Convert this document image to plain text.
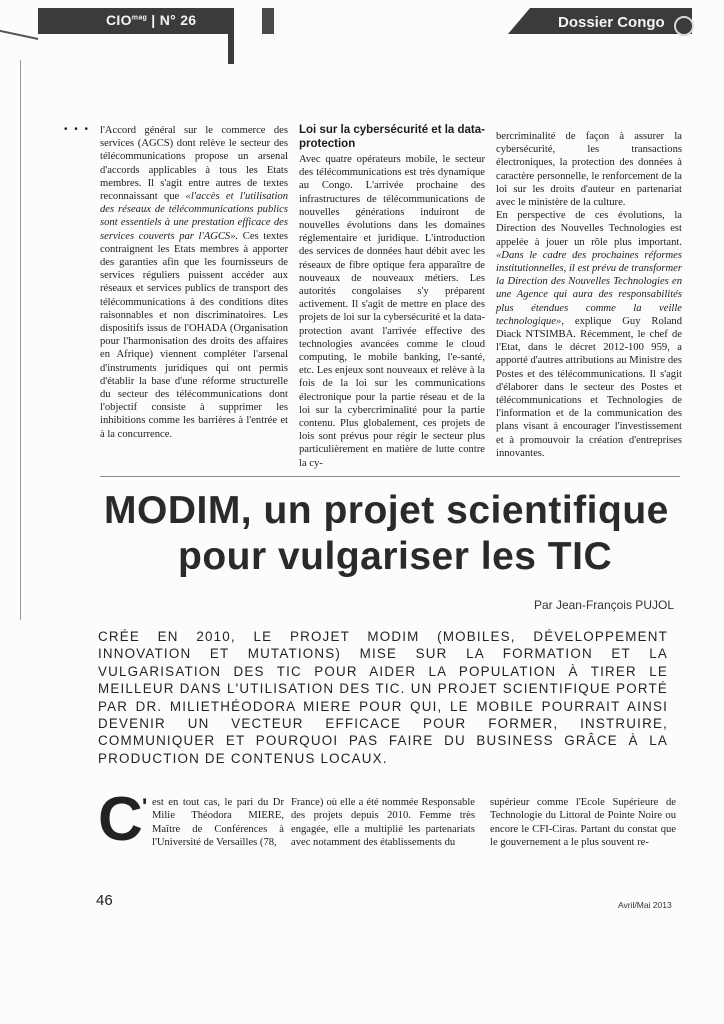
$CIO^{mag}$ | N° 26	Dossier Congo
• • • l'Accord général sur le commerce des services (AGCS) dont relève le secteur des télécommunications propose un arsenal d'accords applicables à tous les Etats membres. Il s'agit entre autres de textes reconnaissant que «l'accès et l'utilisation des réseaux de télécommunications publics sont essentiels à une prestation efficace des services couverts par l'AGCS». Ces textes contraignent les Etats membres à apporter des garanties afin que les fournisseurs de services réguliers puissent accéder aux réseaux et services publics de transport des télécommunications à des conditions dites raisonnables et non discriminatoires. Les dispositifs issus de l'OHADA (Organisation pour l'harmonisation des droits des affaires en Afrique) viennent compléter l'arsenal d'instruments juridiques qui ont permis d'établir la base d'une réforme structurelle du secteur des télécommunications dont l'objectif consiste à supprimer les inhibitions comme les barrières à l'entrée et à la concurrence.

Loi sur la cybersécurité et la data-protection

Avec quatre opérateurs mobile, le secteur des télécommunications est très dynamique au Congo. L'arrivée prochaine des infrastructures de télécommunications de nouvelles générations induiront de nouvelles évolutions dans les domaines réglementaire et juridique. L'introduction des services de données haut débit avec les réseaux de fibre optique fera apparaître de nouveaux de nouveaux métiers. Les autorités congolaises s'y préparent activement. Il s'agit de mettre en place des projets de loi sur la cybersécurité et la data-protection avant l'arrivée effective des technologies avancées comme le cloud computing, le mobile banking, l'e-santé, etc. Les enjeux sont nouveaux et relève à la fois de la loi sur les communications électronique pour la partie réseau et de la loi sur la cybercriminalité pour la partie contenu. Plus globalement, ces projets de lois sont prévus pour régir le secteur plus particulièrement en matière de lutte contre la cy-

bercriminalité de façon à assurer la cybersécurité, les transactions électroniques, la protection des données à caractère personnelle, le renforcement de la loi sur les droits d'auteur en partenariat avec le ministère de la culture.

En perspective de ces évolutions, la Direction des Nouvelles Technologies est appelée à jouer un rôle plus important. «Dans le cadre des prochaines réformes institutionnelles, il est prévu de transformer la Direction des Nouvelles Technologies en une Agence qui aura des responsabilités plus étendues comme la veille technologique», explique Guy Roland Diack NTSIMBA. Récemment, le chef de l'Etat, dans le décret 2012-100 959, a apporté d'autres attributions au Ministre des Postes et des télécommunications. Il s'agit d'élaborer dans le secteur des Postes et télécommunications et Technologies de l'information et de la communication des plans visant à encourager l'investissement et à promouvoir la création d'entreprises innovantes.

MODIM, un projet scientifique
pour vulgariser les TIC
Par Jean-François PUJOL
CRÉE EN 2010, LE PROJET MODIM (MOBILES, DÉVELOPPEMENT INNOVATION ET MUTATIONS) MISE SUR LA FORMATION ET LA VULGARISATION DES TIC POUR AIDER LA POPULATION À TIRER LE MEILLEUR DANS L'UTILISATION DES TIC. UN PROJET SCIENTIFIQUE PORTÉ PAR DR. MILIETHÉODORA MIERE POUR QUI, LE MOBILE POURRAIT AINSI DEVENIR UN VECTEUR EFFICACE POUR FORMER, INSTRUIRE, COMMUNIQUER ET POURQUOI PAS FAIRE DU BUSINESS GRÂCE À LA PRODUCTION DE CONTENUS LOCAUX.
C ' est en tout cas, le pari du Dr Milie Théodora MIERE, Maître de Conférences à l'Université de Versailles (78,

France) où elle a été nommée Responsable des projets depuis 2010. Femme très engagée, elle a multiplié les partenariats avec notamment des établissements du

supérieur comme l'Ecole Supérieure de Technologie du Littoral de Pointe Noire ou encore le CFI-Ciras. Partant du constat que le gouvernement a le plus souvent re-

46	Avril/Mai 2013
